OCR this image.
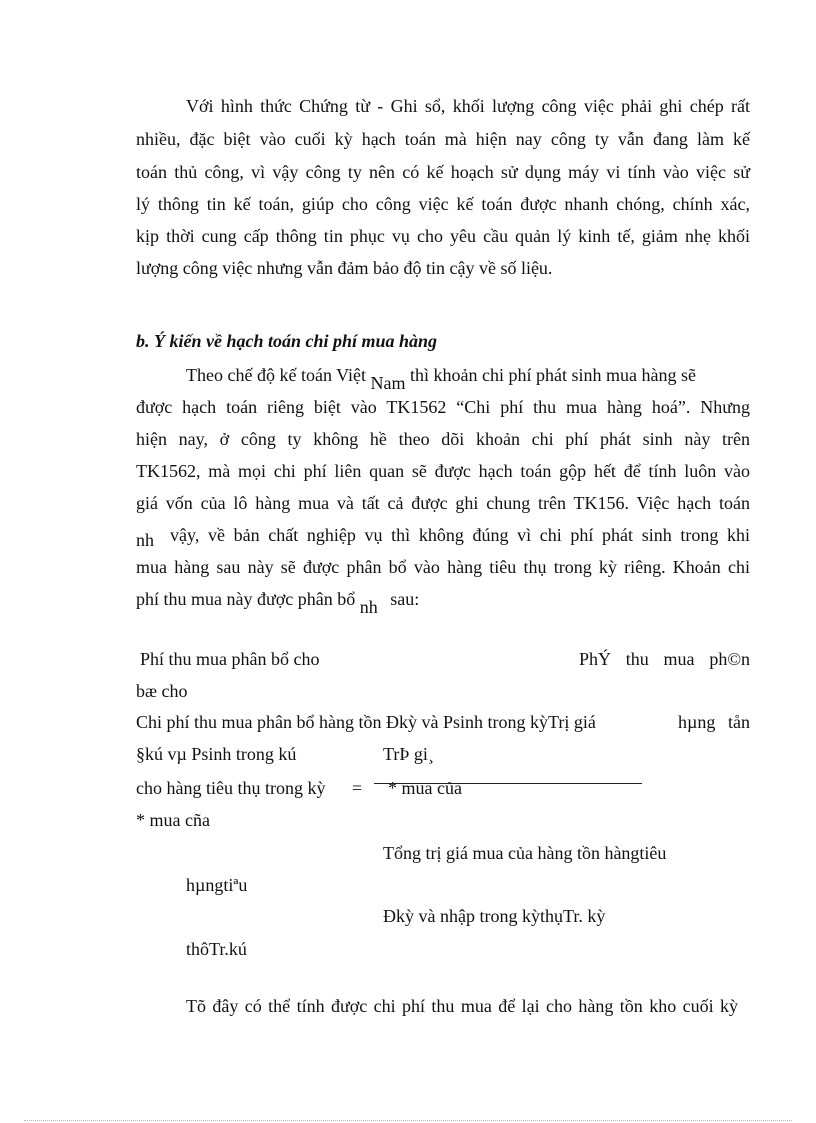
Với hình thức Chứng từ - Ghi sổ, khối lượng công việc phải ghi chép rất
nhiều, đặc biệt vào cuối kỳ hạch toán mà hiện nay công ty vẫn đang làm kế
toán thủ công, vì vậy công ty nên có kế hoạch sử dụng máy vi tính vào việc sử
lý thông tin kế toán, giúp cho công việc kế toán được nhanh chóng, chính xác,
kịp thời cung cấp thông tin phục vụ cho yêu cầu quản lý kinh tế, giảm nhẹ khối
lượng công việc nhưng vẫn đảm bảo độ tin cậy về số liệu.
b. Ý kiến về hạch toán chi phí mua hàng
Theo chế độ kế toán Việt Nam thì khoản chi phí phát sinh mua hàng sẽ
được hạch toán riêng biệt vào TK1562 “Chi phí thu mua hàng hoá”. Nhưng
hiện nay, ở công ty không hề theo dõi khoản chi phí phát sinh này trên
TK1562, mà mọi chi phí liên quan sẽ được hạch toán gộp hết để tính luôn vào
giá vốn của lô hàng mua và tất cả được ghi chung trên TK156. Việc hạch toán
nh vậy, về bản chất nghiệp vụ thì không đúng vì chi phí phát sinh trong khi
mua hàng sau này sẽ được phân bổ vào hàng tiêu thụ trong kỳ riêng. Khoản chi
phí thu mua này được phân bổ nh sau:
Phí thu mua phân bổ cho	PhÝ thu mua ph©n
bæ cho
Chi phí thu mua phân bổ hàng tồn Đkỳ và Psinh trong kỳTrị giá	hµng tån
§kú vµ Psinh trong kú	TrÞ gi¸
cho hàng tiêu thụ trong kỳ = * mua của
* mua cña
Tổng trị giá mua của hàng tồn hàngtiêu
hµngtiªu
Đkỳ và nhập trong kỳthụTr. kỳ
thôTr.kú
Tõ đây có thể tính được chi phí thu mua để lại cho hàng tồn kho cuối kỳ
